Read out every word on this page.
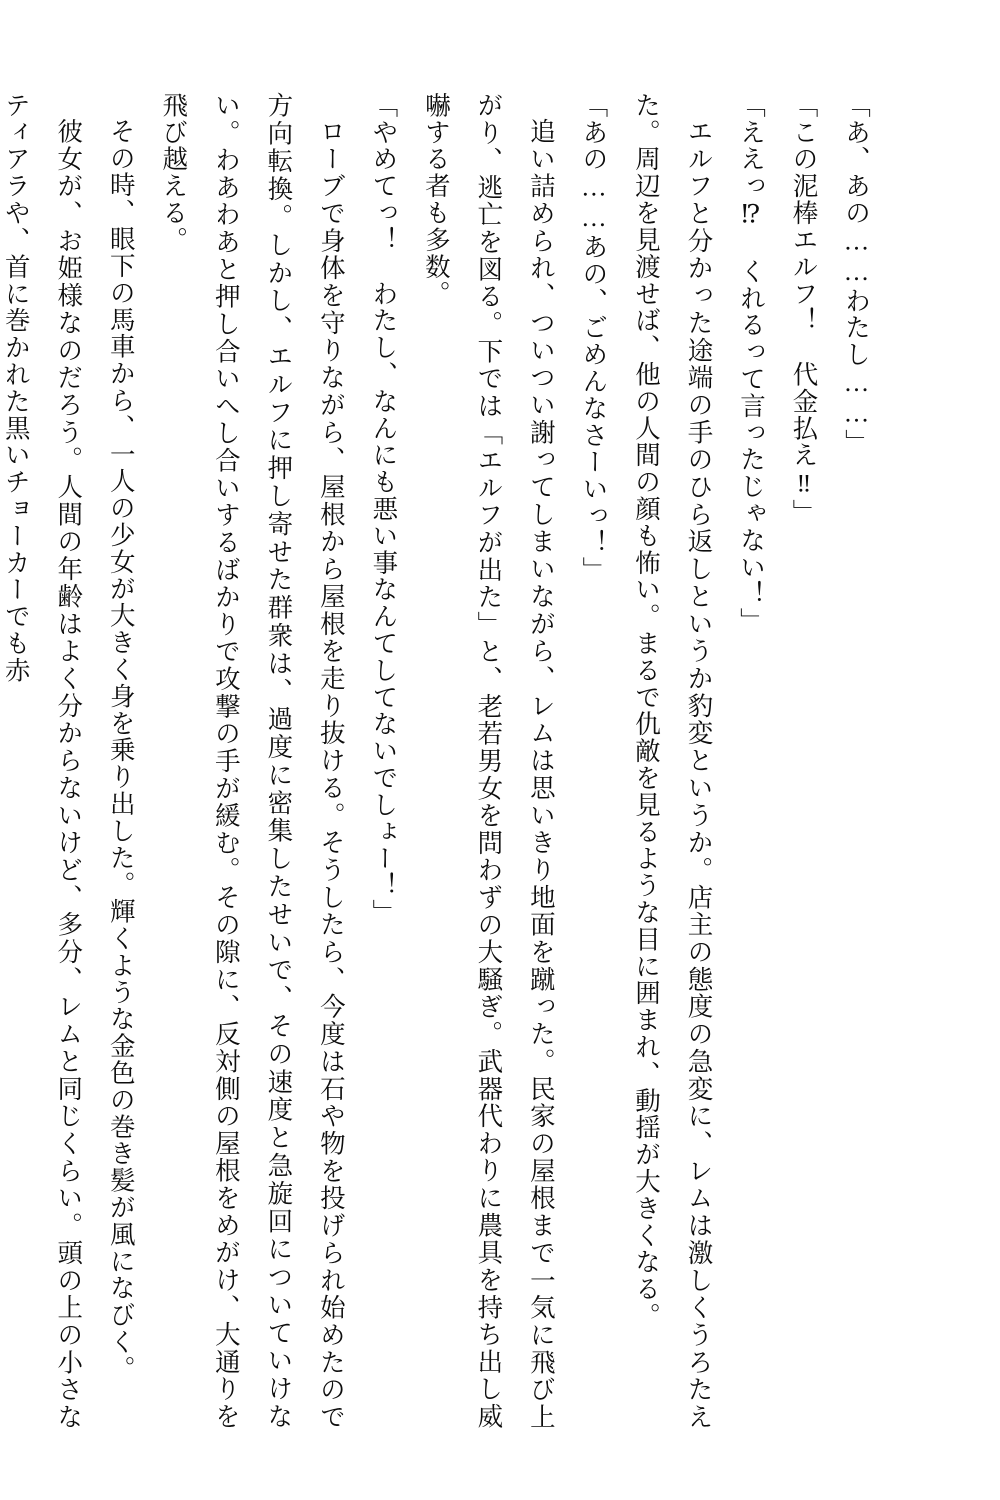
「あ、あの……わたし……」

「この泥棒エルフ！　代金払え‼」

「ええっ⁉　くれるって言ったじゃない！」

エルフと分かった途端の手のひら返しというか豹変というか。店主の態度の急変に、レムは激しくうろたえた。周辺を見渡せば、他の人間の顔も怖い。まるで仇敵を見るような目に囲まれ、動揺が大きくなる。

「あの……あの、ごめんなさーいっ！」

追い詰められ、ついつい謝ってしまいながら、レムは思いきり地面を蹴った。民家の屋根まで一気に飛び上がり、逃亡を図る。下では「エルフが出た」と、老若男女を問わずの大騒ぎ。武器代わりに農具を持ち出し威嚇する者も多数。

「やめてっ！　わたし、なんにも悪い事なんてしてないでしょー！」

ローブで身体を守りながら、屋根から屋根を走り抜ける。そうしたら、今度は石や物を投げられ始めたので方向転換。しかし、エルフに押し寄せた群衆は、過度に密集したせいで、その速度と急旋回についていけない。わあわあと押し合いへし合いするばかりで攻撃の手が緩む。その隙に、反対側の屋根をめがけ、大通りを飛び越える。

その時、眼下の馬車から、一人の少女が大きく身を乗り出した。輝くような金色の巻き髪が風になびく。

彼女が、お姫様なのだろう。人間の年齢はよく分からないけど、多分、レムと同じくらい。頭の上の小さなティアラや、首に巻かれた黒いチョーカーでも赤
